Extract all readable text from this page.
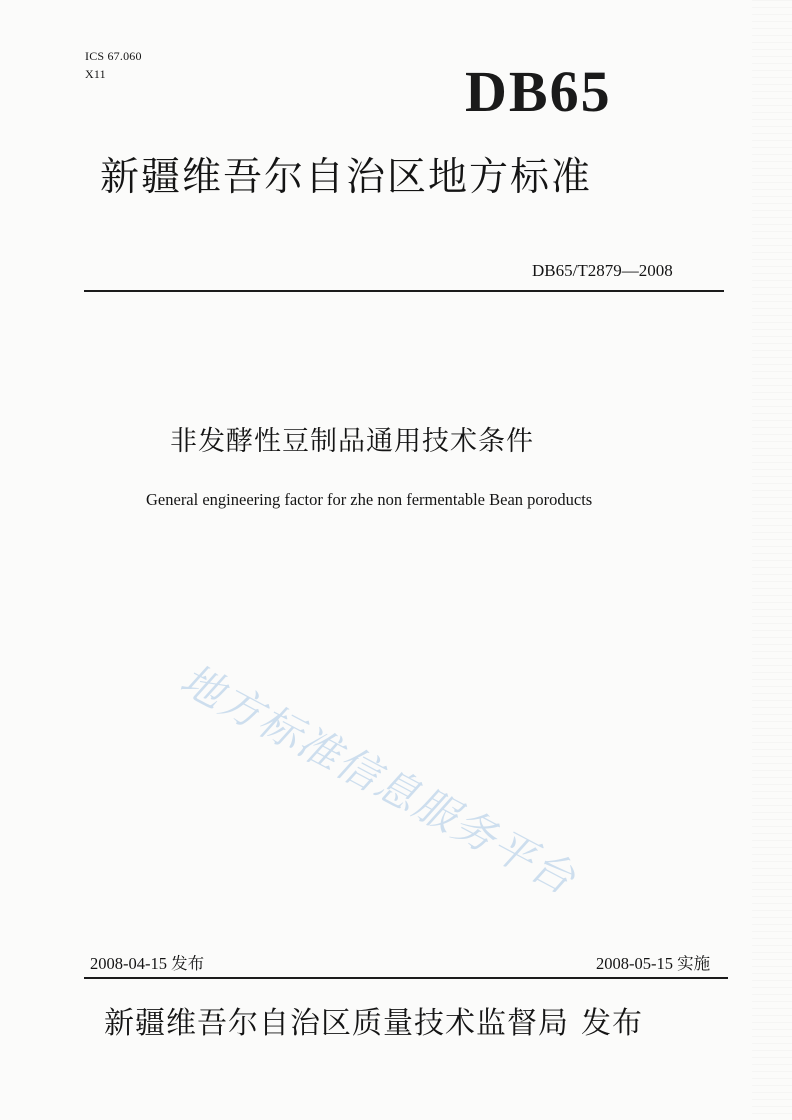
ICS 67.060
X11	DB65
新疆维吾尔自治区地方标准
DB65/T2879—2008
非发酵性豆制品通用技术条件
General engineering factor for zhe non fermentable Bean poroducts
地方标准信息服务平台
2008-04-15 发布	2008-05-15 实施
新疆维吾尔自治区质量技术监督局 发布
